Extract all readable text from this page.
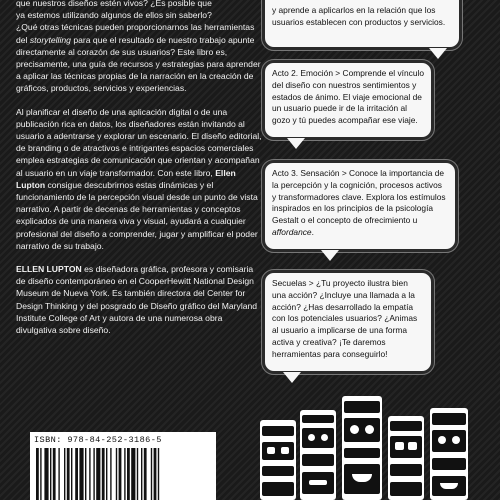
que nuestros diseños estén vivos? ¿Es posible que
ya estemos utilizando algunos de ellos sin saberlo?
¿Qué otras técnicas pueden proporcionarnos las herramientas del storytelling para que el resultado de nuestro trabajo apunte directamente al corazón de sus usuarios? Este libro es, precisamente, una guía de recursos y estrategias para aprender a aplicar las técnicas propias de la narración en la creación de gráficos, productos, servicios y experiencias.

Al planificar el diseño de una aplicación digital o de una publicación rica en datos, los diseñadores están invitando al usuario a adentrarse y explorar un escenario. El diseño editorial, de branding o de atractivos e intrigantes espacios comerciales emplea estrategias de comunicación que orientan y acompañan al usuario en un viaje transformador. Con este libro, Ellen Lupton consigue descubrirnos estas dinámicas y el funcionamiento de la percepción visual desde un punto de vista narrativo. A partir de decenas de herramientas y conceptos explicados de una manera viva y visual, ayudará a cualquier profesional del diseño a comprender, jugar y amplificar el poder narrativo de su trabajo.

ELLEN LUPTON es diseñadora gráfica, profesora y comisaria de diseño contemporáneo en el CooperHewitt National Design Museum de Nueva York. Es también directora del Center for Design Thinking y del posgrado de Diseño gráfico del Maryland Institute College of Art y autora de una numerosa obra divulgativa sobre diseño.

y aprende a aplicarlos en la relación que los usuarios establecen con productos y servicios.
Acto 2. Emoción > Comprende el vínculo del diseño con nuestros sentimientos y estados de ánimo. El viaje emocional de un usuario puede ir de la irritación al gozo y tú puedes acompañar ese viaje.
Acto 3. Sensación > Conoce la importancia de la percepción y la cognición, procesos activos y transformadores clave. Explora los estímulos inspirados en los principios de la psicología Gestalt o el concepto de ofrecimiento u affordance.
Secuelas > ¿Tu proyecto ilustra bien una acción? ¿Incluye una llamada a la acción? ¿Has desarrollado la empatía con los potenciales usuarios? ¿Animas al usuario a implicarse de una forma activa y creativa? ¡Te daremos herramientas para conseguirlo!
ISBN: 978-84-252-3186-5
